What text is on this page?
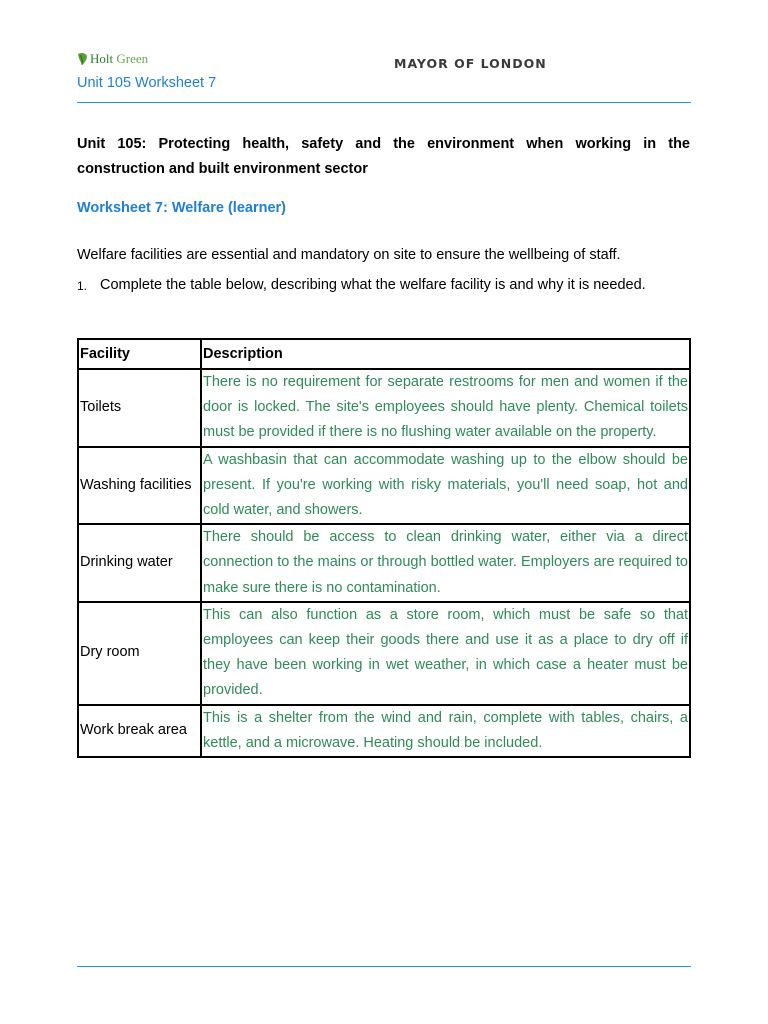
Holt Green	MAYOR OF LONDON
Unit 105 Worksheet 7
Unit 105: Protecting health, safety and the environment when working in the construction and built environment sector
Worksheet 7: Welfare (learner)
Welfare facilities are essential and mandatory on site to ensure the wellbeing of staff.
1. Complete the table below, describing what the welfare facility is and why it is needed.
Facility	Description
Toilets	There is no requirement for separate restrooms for men and women if the door is locked. The site's employees should have plenty. Chemical toilets must be provided if there is no flushing water available on the property.
Washing facilities	A washbasin that can accommodate washing up to the elbow should be present. If you're working with risky materials, you'll need soap, hot and cold water, and showers.
Drinking water	There should be access to clean drinking water, either via a direct connection to the mains or through bottled water. Employers are required to make sure there is no contamination.
Dry room	This can also function as a store room, which must be safe so that employees can keep their goods there and use it as a place to dry off if they have been working in wet weather, in which case a heater must be provided.
Work break area	This is a shelter from the wind and rain, complete with tables, chairs, a kettle, and a microwave. Heating should be included.
